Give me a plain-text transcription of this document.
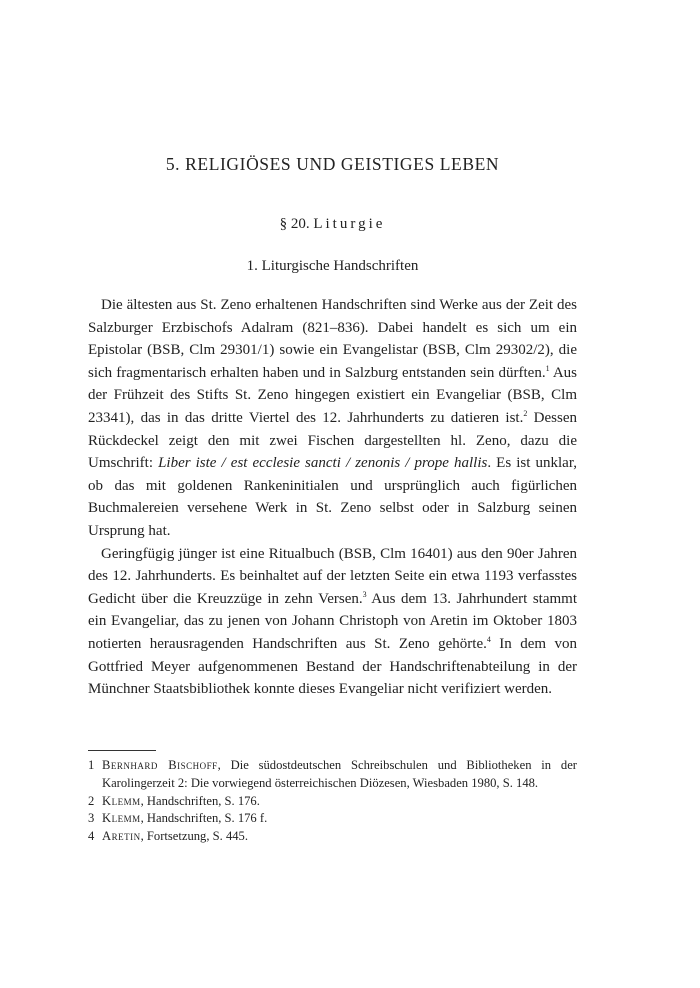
5. RELIGIÖSES UND GEISTIGES LEBEN
§ 20. Liturgie
1. Liturgische Handschriften

Die ältesten aus St. Zeno erhaltenen Handschriften sind Werke aus der Zeit des Salzburger Erzbischofs Adalram (821–836). Dabei handelt es sich um ein Epistolar (BSB, Clm 29301/1) sowie ein Evangelistar (BSB, Clm 29302/2), die sich fragmentarisch erhalten haben und in Salzburg entstanden sein dürften.$^1$ Aus der Frühzeit des Stifts St. Zeno hingegen existiert ein Evangeliar (BSB, Clm 23341), das in das dritte Viertel des 12. Jahrhunderts zu datieren ist.$^2$ Dessen Rückdeckel zeigt den mit zwei Fischen dargestellten hl. Zeno, dazu die Umschrift: Liber iste / est ecclesie sancti / zenonis / prope hallis. Es ist unklar, ob das mit goldenen Rankeninitialen und ursprünglich auch figürlichen Buchmalereien versehene Werk in St. Zeno selbst oder in Salzburg seinen Ursprung hat.

Geringfügig jünger ist eine Ritualbuch (BSB, Clm 16401) aus den 90er Jahren des 12. Jahrhunderts. Es beinhaltet auf der letzten Seite ein etwa 1193 verfasstes Gedicht über die Kreuzzüge in zehn Versen.$^3$ Aus dem 13. Jahrhundert stammt ein Evangeliar, das zu jenen von Johann Christoph von Aretin im Oktober 1803 notierten herausragenden Handschriften aus St. Zeno gehörte.$^4$ In dem von Gottfried Meyer aufgenommenen Bestand der Handschriftenabteilung in der Münchner Staatsbibliothek konnte dieses Evangeliar nicht verifiziert werden.

1 Bernhard Bischoff, Die südostdeutschen Schreibschulen und Bibliotheken in der Karolingerzeit 2: Die vorwiegend österreichischen Diözesen, Wiesbaden 1980, S. 148.
2 Klemm, Handschriften, S. 176.
3 Klemm, Handschriften, S. 176 f.
4 Aretin, Fortsetzung, S. 445.
